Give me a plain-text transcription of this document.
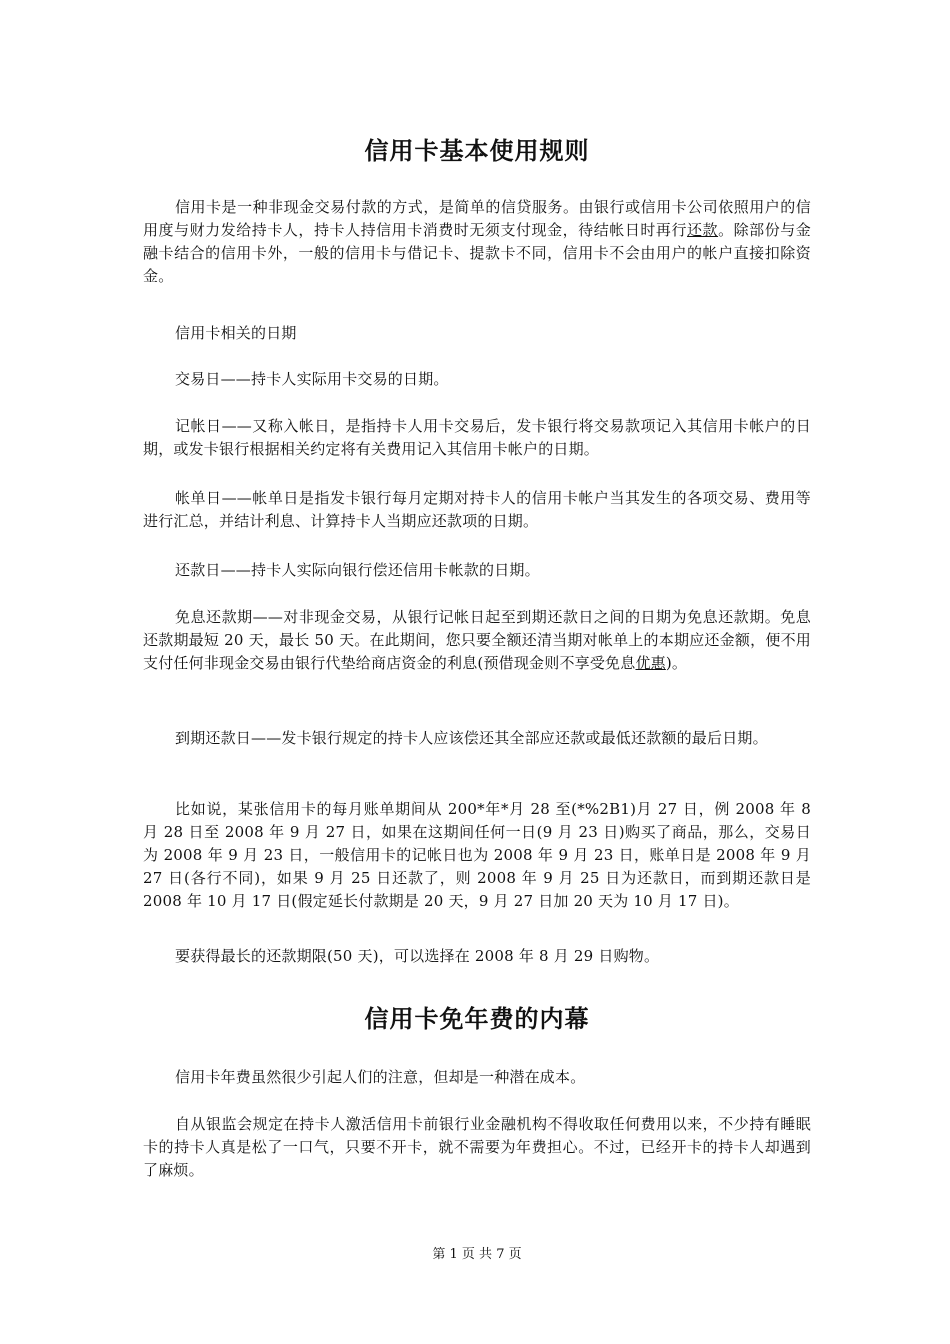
信用卡基本使用规则

信用卡是一种非现金交易付款的方式，是简单的信贷服务。由银行或信用卡公司依照用户的信用度与财力发给持卡人，持卡人持信用卡消费时无须支付现金，待结帐日时再行还款。除部份与金融卡结合的信用卡外，一般的信用卡与借记卡、提款卡不同，信用卡不会由用户的帐户直接扣除资金。

信用卡相关的日期

交易日——持卡人实际用卡交易的日期。

记帐日——又称入帐日，是指持卡人用卡交易后，发卡银行将交易款项记入其信用卡帐户的日期，或发卡银行根据相关约定将有关费用记入其信用卡帐户的日期。

帐单日——帐单日是指发卡银行每月定期对持卡人的信用卡帐户当其发生的各项交易、费用等进行汇总，并结计利息、计算持卡人当期应还款项的日期。

还款日——持卡人实际向银行偿还信用卡帐款的日期。

免息还款期——对非现金交易，从银行记帐日起至到期还款日之间的日期为免息还款期。免息还款期最短 20 天，最长 50 天。在此期间，您只要全额还清当期对帐单上的本期应还金额，便不用支付任何非现金交易由银行代垫给商店资金的利息(预借现金则不享受免息优惠)。

到期还款日——发卡银行规定的持卡人应该偿还其全部应还款或最低还款额的最后日期。

比如说，某张信用卡的每月账单期间从 200*年*月 28 至(*%2B1)月 27 日，例 2008 年 8 月 28 日至 2008 年 9 月 27 日，如果在这期间任何一日(9 月 23 日)购买了商品，那么，交易日为 2008 年 9 月 23 日，一般信用卡的记帐日也为 2008 年 9 月 23 日，账单日是 2008 年 9 月 27 日(各行不同)，如果 9 月 25 日还款了，则 2008 年 9 月 25 日为还款日，而到期还款日是 2008 年 10 月 17 日(假定延长付款期是 20 天，9 月 27 日加 20 天为 10 月 17 日)。

要获得最长的还款期限(50 天)，可以选择在 2008 年 8 月 29 日购物。

信用卡免年费的内幕

信用卡年费虽然很少引起人们的注意，但却是一种潜在成本。

自从银监会规定在持卡人激活信用卡前银行业金融机构不得收取任何费用以来，不少持有睡眠卡的持卡人真是松了一口气，只要不开卡，就不需要为年费担心。不过，已经开卡的持卡人却遇到了麻烦。

第 1 页 共 7 页
